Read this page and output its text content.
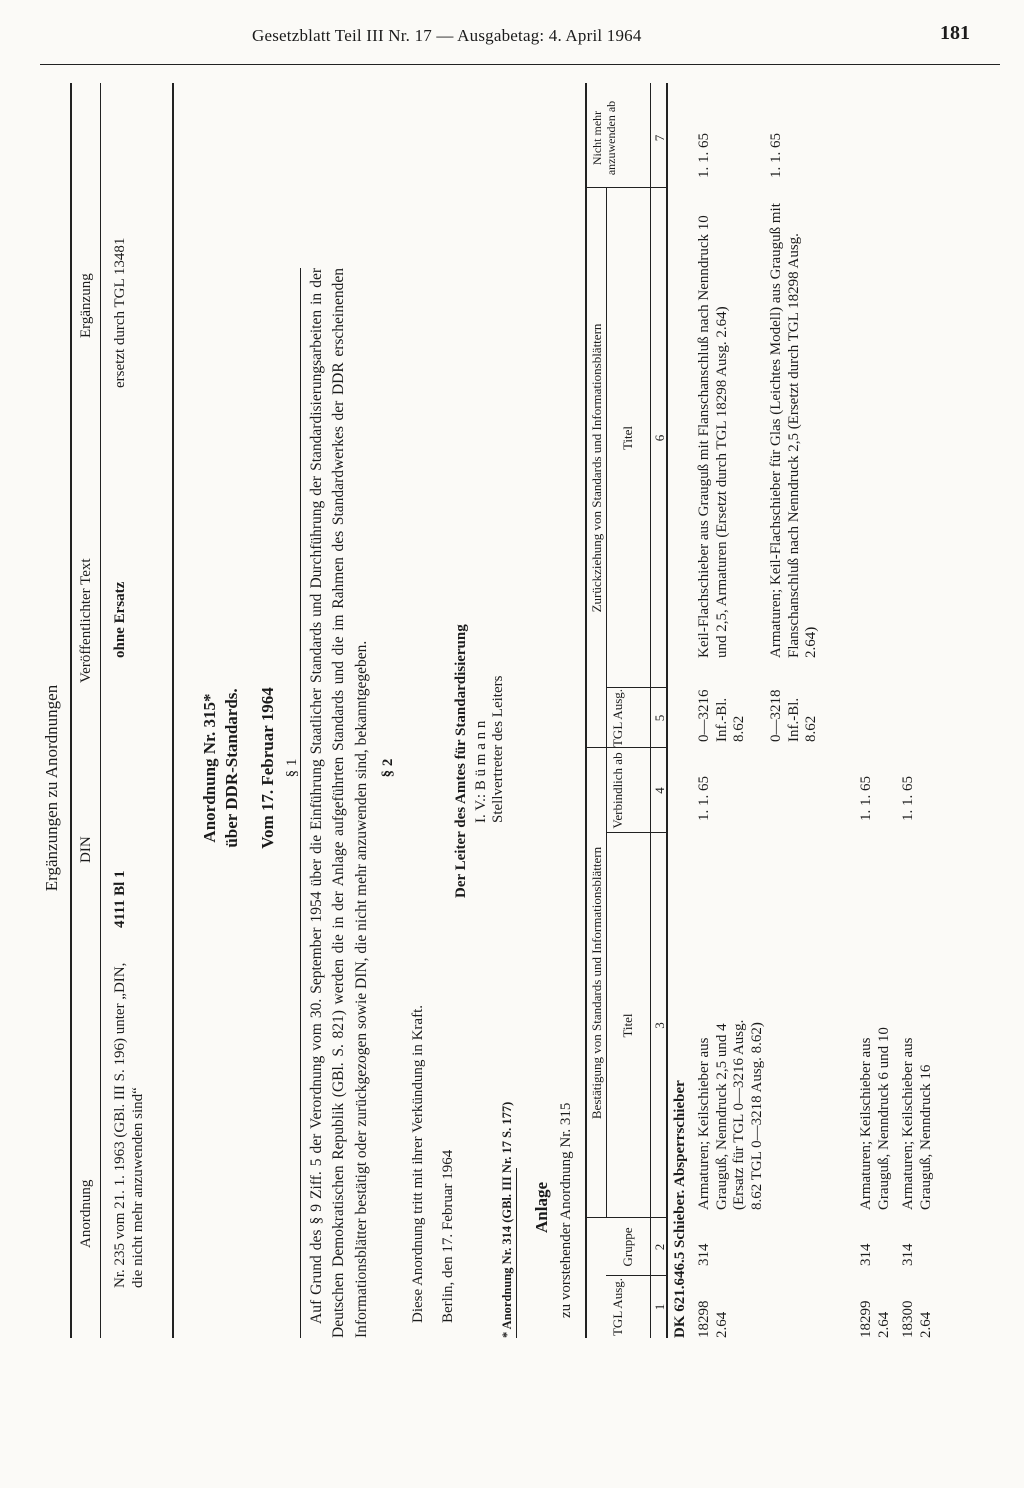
Gesetzblatt Teil III Nr. 17 — Ausgabetag: 4. April 1964	181
Ergänzungen zu Anordnungen
Anordnung
DIN
Veröffentlichter Text
Ergänzung
Nr. 235 vom 21. 1. 1963 (GBl. III S. 196) unter „DIN, die nicht mehr anzuwenden sind“
4111 Bl 1
ohne Ersatz
ersetzt durch TGL 13481
Anordnung Nr. 315* über DDR-Standards. Vom 17. Februar 1964 § 1 Auf Grund des § 9 Ziff. 5 der Verordnung vom 30. September 1954 über die Einführung Staatlicher Standards und Durchführung der Standardisierungsarbeiten in der Deutschen Demokratischen Republik (GBl. S. 821) werden die in der Anlage aufgeführten Standards und die im Rahmen des Standardwerkes der DDR erscheinenden Informationsblätter bestätigt oder zurückgezogen sowie DIN, die nicht mehr anzuwenden sind, bekanntgegeben. § 2
Diese Anordnung tritt mit ihrer Verkündung in Kraft. Berlin, den 17. Februar 1964
Der Leiter des Amtes für Standardisierung I. V.: B ü m a n n Stellvertreter des Leiters
* Anordnung Nr. 314 (GBl. III Nr. 17 S. 177) Anlage zu vorstehender Anordnung Nr. 315
Bestätigung von Standards und Informationsblättern
Zurückziehung von Standards und Informationsblättern
TGL Ausg.
Gruppe
Titel
Verbindlich ab
TGL Ausg.
Titel
Nicht mehr anzuwenden ab
1
2
3
4
5
6
7
DK 621.646.5 Schieber. Absperrschieber 18298 2.64
314
Armaturen; Keilschieber aus Grauguß, Nenndruck 2,5 und 4 (Ersatz für TGL 0—3216 Ausg. 8.62 TGL 0—3218 Ausg. 8.62)
1. 1. 65
0—3216 Inf.-Bl. 8.62
Keil-Flachschieber aus Grauguß mit Flanschanschluß nach Nenndruck 10 und 2,5, Armaturen (Ersetzt durch TGL 18298 Ausg. 2.64)
1. 1. 65
0—3218 Inf.-Bl. 8.62
Armaturen; Keil-Flachschieber für Glas (Leichtes Modell) aus Grauguß mit Flanschanschluß nach Nenndruck 2,5 (Ersetzt durch TGL 18298 Ausg. 2.64)
1. 1. 65
18299 2.64
314
Armaturen; Keilschieber aus Grauguß, Nenndruck 6 und 10
1. 1. 65
18300 2.64
314
Armaturen; Keilschieber aus Grauguß, Nenndruck 16
1. 1. 65
